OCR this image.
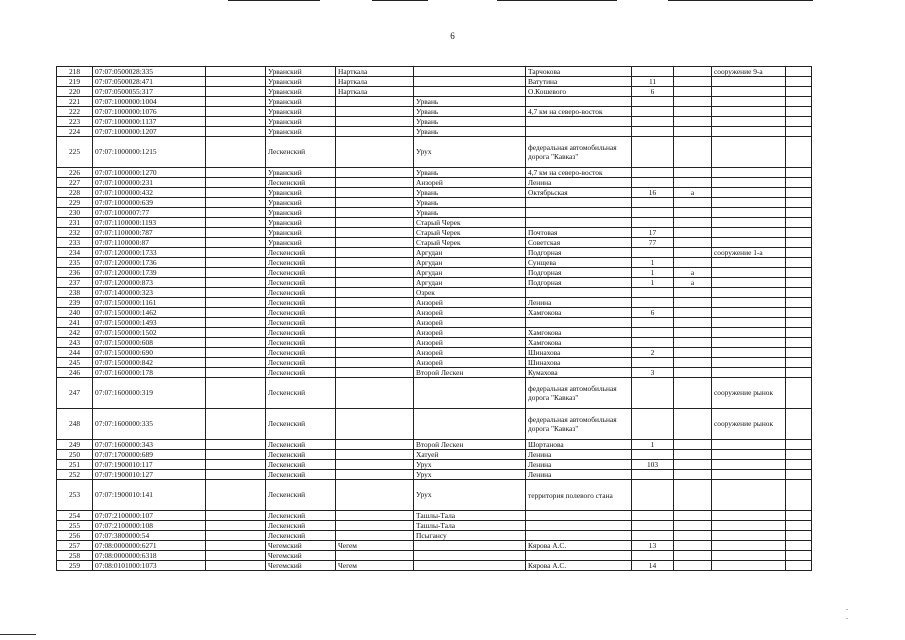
6
218	07:07:0500028:335		Урванский	Нарткала		Тарчокова			сооружение 9-а	
219	07:07:0500028:471		Урванский	Нарткала		Ватутина	11			
220	07:07:0500055:317		Урванский	Нарткала		О.Кошевого	6			
221	07:07:1000000:1004		Урванский		Урвань					
222	07:07:1000000:1076		Урванский		Урвань	4,7 км на северо-восток				
223	07:07:1000000:1137		Урванский		Урвань					
224	07:07:1000000:1207		Урванский		Урвань					
225	07:07:1000000:1215		Лескенский		Урух	федеральная автомобильная дорога "Кавказ"				
226	07:07:1000000:1270		Урванский		Урвань	4,7 км на северо-восток				
227	07:07:1000000:231		Лескенский		Анзорей	Ленина				
228	07:07:1000000:432		Урванский		Урвань	Октябрьская	16	а		
229	07:07:1000000:639		Урванский		Урвань					
230	07:07:1000007:77		Урванский		Урвань					
231	07:07:1100000:1193		Урванский		Старый Черек					
232	07:07:1100000:787		Урванский		Старый Черек	Почтовая	17			
233	07:07:1100000:87		Урванский		Старый Черек	Советская	77			
234	07:07:1200000:1733		Лескенский		Аргудан	Подгорная			сооружение 1-а	
235	07:07:1200000:1736		Лескенский		Аргудан	Сунщева	1			
236	07:07:1200000:1739		Лескенский		Аргудан	Подгорная	1	а		
237	07:07:1200000:873		Лескенский		Аргудан	Подгорная	1	а		
238	07:07:1400000:323		Лескенский		Озрек					
239	07:07:1500000:1161		Лескенский		Анзорей	Ленина				
240	07:07:1500000:1462		Лескенский		Анзорей	Хамгокова	6			
241	07:07:1500000:1493		Лескенский		Анзорей					
242	07:07:1500000:1502		Лескенский		Анзорей	Хамгокова				
243	07:07:1500000:608		Лескенский		Анзорей	Хамгокова				
244	07:07:1500000:690		Лескенский		Анзорей	Шинахова	2			
245	07:07:1500000:842		Лескенский		Анзорей	Шинахова				
246	07:07:1600000:178		Лескенский		Второй Лескен	Кумахова	3			
247	07:07:1600000:319		Лескенский			федеральная автомобильная дорога "Кавказ"			сооружение рынок	
248	07:07:1600000:335		Лескенский			федеральная автомобильная дорога "Кавказ"			сооружение рынок	
249	07:07:1600000:343		Лескенский		Второй Лескен	Шортанова	1			
250	07:07:1700000:689		Лескенский		Хатуей	Ленина				
251	07:07:1900010:117		Лескенский		Урух	Ленина	103			
252	07:07:1900010:127		Лескенский		Урух	Ленина				
253	07:07:1900010:141		Лескенский		Урух	территория полевого стана				
254	07:07:2100000:107		Лескенский		Ташлы-Тала					
255	07:07:2100000:108		Лескенский		Ташлы-Тала					
256	07:07:3800000:54		Лескенский		Псыгансу					
257	07:08:0000000:6271		Чегемский	Чегем		Кярова А.С.	13			
258	07:08:0000000:6318		Чегемский							
259	07:08:0101000:1073		Чегемский	Чегем		Кярова А.С.	14			
. .
